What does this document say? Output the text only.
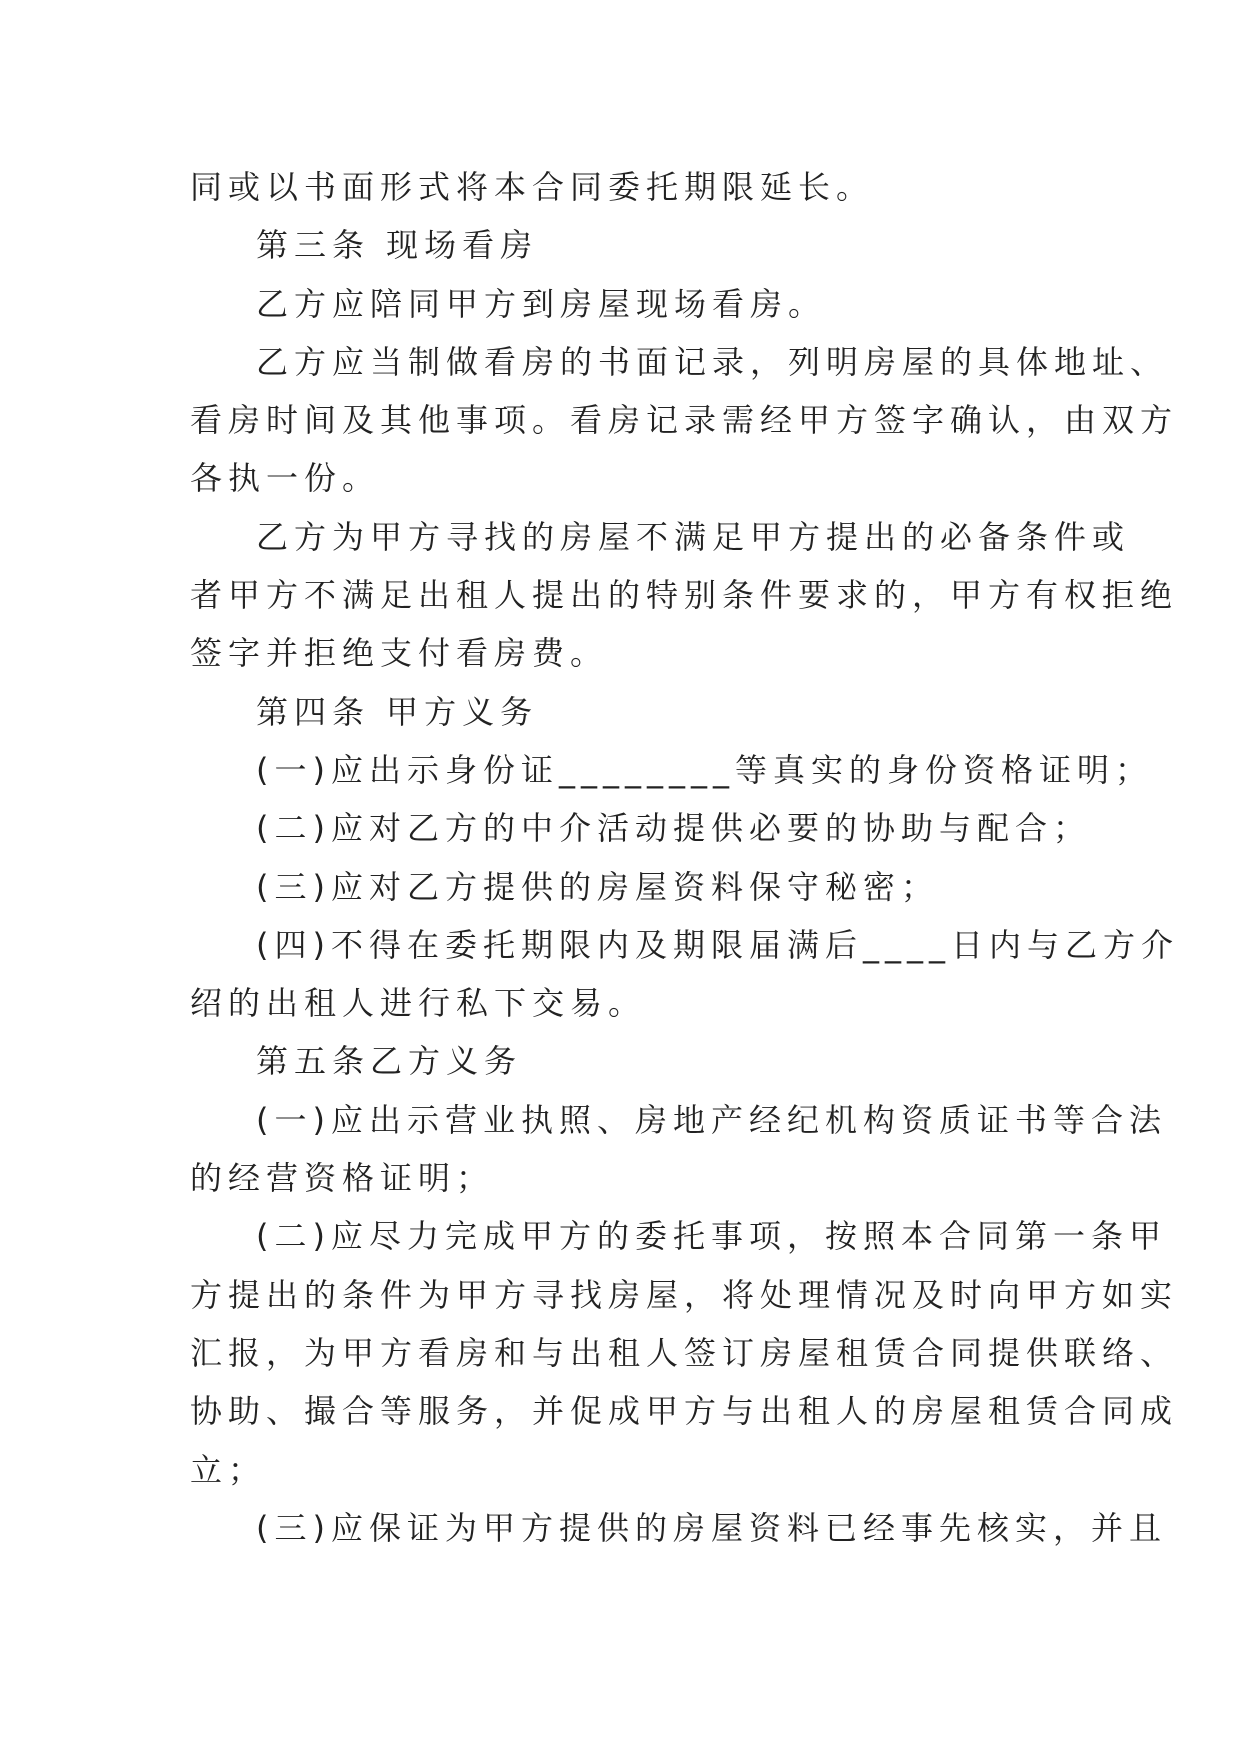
同或以书面形式将本合同委托期限延长。
第三条 现场看房
乙方应陪同甲方到房屋现场看房。
乙方应当制做看房的书面记录，列明房屋的具体地址、
看房时间及其他事项。看房记录需经甲方签字确认，由双方
各执一份。
乙方为甲方寻找的房屋不满足甲方提出的必备条件或
者甲方不满足出租人提出的特别条件要求的，甲方有权拒绝
签字并拒绝支付看房费。
第四条 甲方义务
(一)应出示身份证________等真实的身份资格证明；
(二)应对乙方的中介活动提供必要的协助与配合；
(三)应对乙方提供的房屋资料保守秘密；
(四)不得在委托期限内及期限届满后____日内与乙方介
绍的出租人进行私下交易。
第五条乙方义务
(一)应出示营业执照、房地产经纪机构资质证书等合法
的经营资格证明；
(二)应尽力完成甲方的委托事项，按照本合同第一条甲
方提出的条件为甲方寻找房屋，将处理情况及时向甲方如实
汇报，为甲方看房和与出租人签订房屋租赁合同提供联络、
协助、撮合等服务，并促成甲方与出租人的房屋租赁合同成
立；
(三)应保证为甲方提供的房屋资料已经事先核实，并且
